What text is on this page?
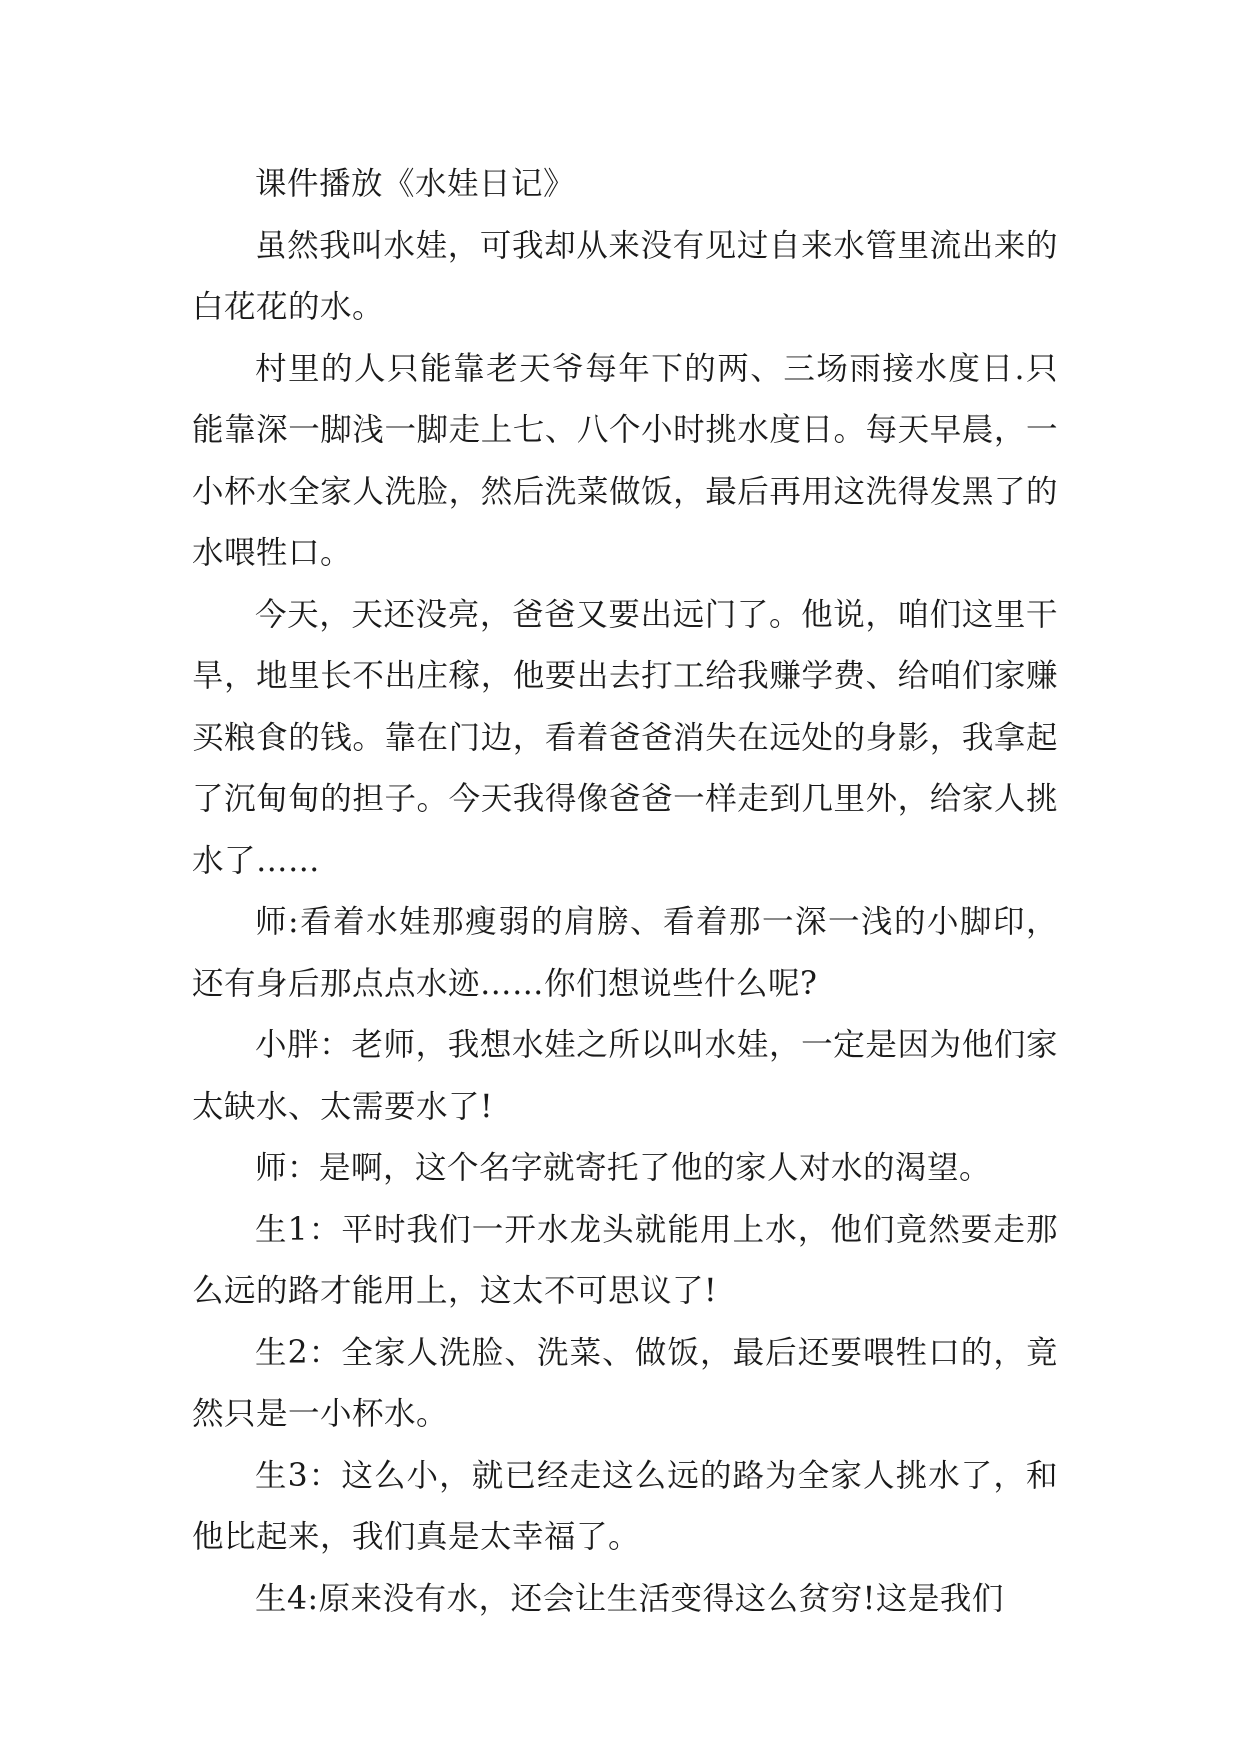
课件播放《水娃日记》

虽然我叫水娃，可我却从来没有见过自来水管里流出来的白花花的水。

村里的人只能靠老天爷每年下的两、三场雨接水度日.只能靠深一脚浅一脚走上七、八个小时挑水度日。每天早晨，一小杯水全家人洗脸，然后洗菜做饭，最后再用这洗得发黑了的水喂牲口。

今天，天还没亮，爸爸又要出远门了。他说，咱们这里干旱，地里长不出庄稼，他要出去打工给我赚学费、给咱们家赚买粮食的钱。靠在门边，看着爸爸消失在远处的身影，我拿起了沉甸甸的担子。今天我得像爸爸一样走到几里外，给家人挑水了……

师:看着水娃那瘦弱的肩膀、看着那一深一浅的小脚印，还有身后那点点水迹……你们想说些什么呢?

小胖：老师，我想水娃之所以叫水娃，一定是因为他们家太缺水、太需要水了!

师：是啊，这个名字就寄托了他的家人对水的渴望。

生1：平时我们一开水龙头就能用上水，他们竟然要走那么远的路才能用上，这太不可思议了!

生2：全家人洗脸、洗菜、做饭，最后还要喂牲口的，竟然只是一小杯水。

生3：这么小，就已经走这么远的路为全家人挑水了，和他比起来，我们真是太幸福了。

生4:原来没有水，还会让生活变得这么贫穷!这是我们
